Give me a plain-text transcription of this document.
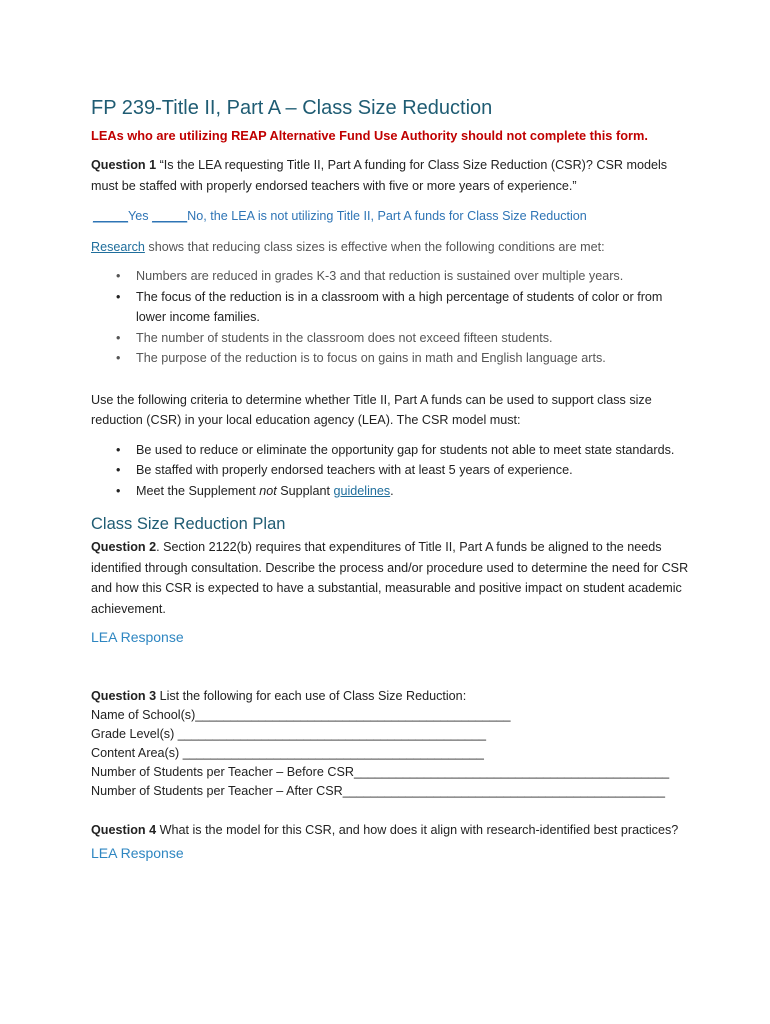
FP 239-Title II, Part A – Class Size Reduction

LEAs who are utilizing REAP Alternative Fund Use Authority should not complete this form.

Question 1 “Is the LEA requesting Title II, Part A funding for Class Size Reduction (CSR)? CSR models must be staffed with properly endorsed teachers with five or more years of experience.”

_____Yes _____No, the LEA is not utilizing Title II, Part A funds for Class Size Reduction

Research shows that reducing class sizes is effective when the following conditions are met:

• Numbers are reduced in grades K-3 and that reduction is sustained over multiple years.
• The focus of the reduction is in a classroom with a high percentage of students of color or from lower income families.
• The number of students in the classroom does not exceed fifteen students.
• The purpose of the reduction is to focus on gains in math and English language arts.

Use the following criteria to determine whether Title II, Part A funds can be used to support class size reduction (CSR) in your local education agency (LEA). The CSR model must:

• Be used to reduce or eliminate the opportunity gap for students not able to meet state standards.
• Be staffed with properly endorsed teachers with at least 5 years of experience.
• Meet the Supplement not Supplant guidelines.
Class Size Reduction Plan

Question 2. Section 2122(b) requires that expenditures of Title II, Part A funds be aligned to the needs identified through consultation. Describe the process and/or procedure used to determine the need for CSR and how this CSR is expected to have a substantial, measurable and positive impact on student academic achievement.

LEA Response

Question 3 List the following for each use of Class Size Reduction:
Name of School(s)_____________________________________________
Grade Level(s) ____________________________________________
Content Area(s) ___________________________________________
Number of Students per Teacher – Before CSR_____________________________________________
Number of Students per Teacher – After CSR______________________________________________

Question 4 What is the model for this CSR, and how does it align with research-identified best practices?

LEA Response
